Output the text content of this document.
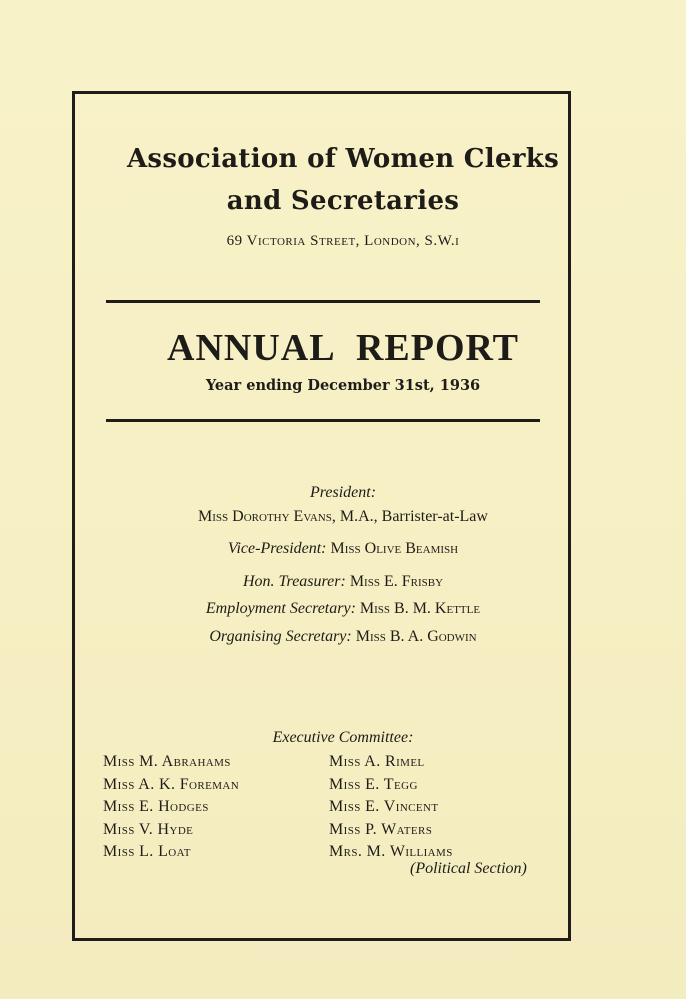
Association of Women Clerks
and Secretaries
69 Victoria Street, London, S.W.i
ANNUAL REPORT
Year ending December 31st, 1936
President:
Miss Dorothy Evans, M.A., Barrister-at-Law
Vice-President: Miss Olive Beamish
Hon. Treasurer: Miss E. Frisby
Employment Secretary: Miss B. M. Kettle
Organising Secretary: Miss B. A. Godwin
Executive Committee:
Miss M. Abrahams
Miss A. K. Foreman
Miss E. Hodges
Miss V. Hyde
Miss L. Loat
Miss A. Rimel
Miss E. Tegg
Miss E. Vincent
Miss P. Waters
Mrs. M. Williams
(Political Section)
